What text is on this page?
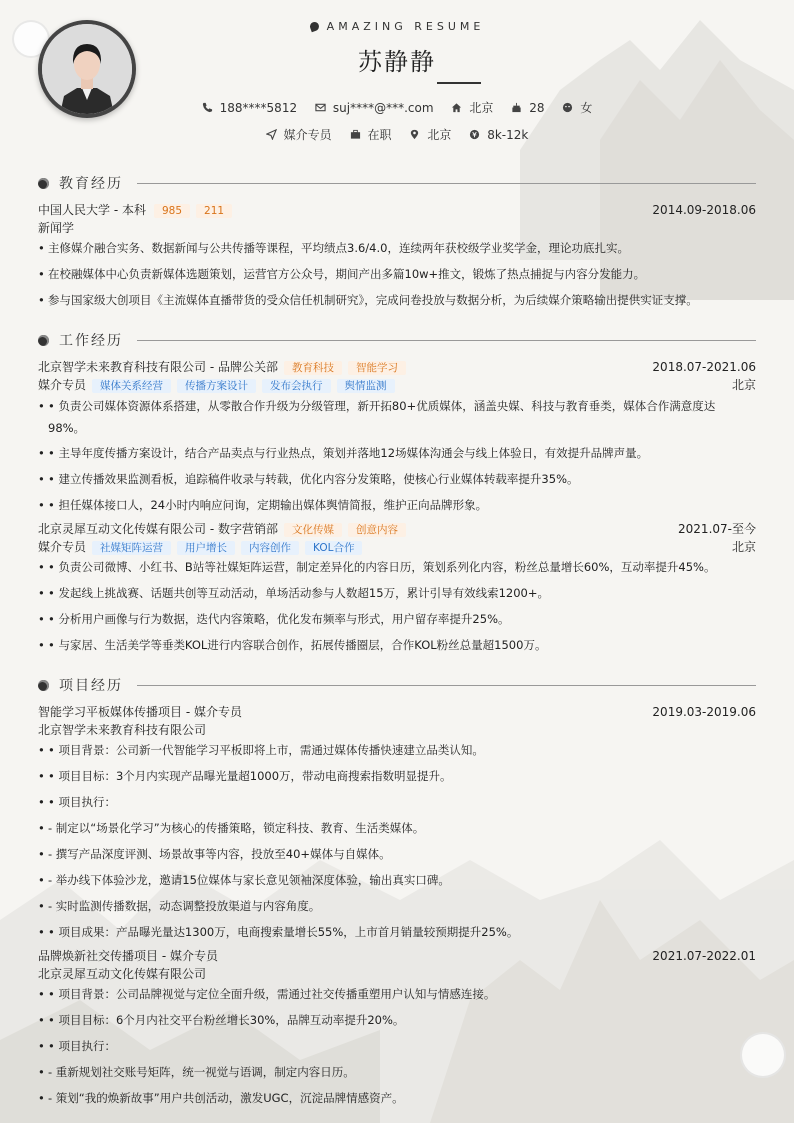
AMAZING RESUME
苏静静
188****5812
	suj****@***.com
	北京
	28
	女
媒介专员
	在职
	北京
	8k-12k
教育经历
中国人民大学 - 本科	985	211	2014.09-2018.06
新闻学
• 主修媒介融合实务、数据新闻与公共传播等课程，平均绩点3.6/4.0，连续两年获校级学业奖学金，理论功底扎实。
• 在校融媒体中心负责新媒体选题策划，运营官方公众号，期间产出多篇10w+推文，锻炼了热点捕捉与内容分发能力。
• 参与国家级大创项目《主流媒体直播带货的受众信任机制研究》，完成问卷投放与数据分析，为后续媒介策略输出提供实证支撑。
工作经历
北京智学未来教育科技有限公司 - 品牌公关部	教育科技	智能学习	2018.07-2021.06
媒介专员	媒体关系经营	传播方案设计	发布会执行	舆情监测	北京
• • 负责公司媒体资源体系搭建，从零散合作升级为分级管理，新开拓80+优质媒体，涵盖央媒、科技与教育垂类，媒体合作满意度达
98%。
• • 主导年度传播方案设计，结合产品卖点与行业热点，策划并落地12场媒体沟通会与线上体验日，有效提升品牌声量。
• • 建立传播效果监测看板，追踪稿件收录与转载，优化内容分发策略，使核心行业媒体转载率提升35%。
• • 担任媒体接口人，24小时内响应问询，定期输出媒体舆情简报，维护正向品牌形象。
北京灵犀互动文化传媒有限公司 - 数字营销部	文化传媒	创意内容	2021.07-至今
媒介专员	社媒矩阵运营	用户增长	内容创作	KOL合作	北京
• • 负责公司微博、小红书、B站等社媒矩阵运营，制定差异化的内容日历，策划系列化内容，粉丝总量增长60%，互动率提升45%。
• • 发起线上挑战赛、话题共创等互动活动，单场活动参与人数超15万，累计引导有效线索1200+。
• • 分析用户画像与行为数据，迭代内容策略，优化发布频率与形式，用户留存率提升25%。
• • 与家居、生活美学等垂类KOL进行内容联合创作，拓展传播圈层，合作KOL粉丝总量超1500万。
项目经历
智能学习平板媒体传播项目 - 媒介专员	2019.03-2019.06
北京智学未来教育科技有限公司
• • 项目背景：公司新一代智能学习平板即将上市，需通过媒体传播快速建立品类认知。
• • 项目目标：3个月内实现产品曝光量超1000万，带动电商搜索指数明显提升。
• • 项目执行：
• - 制定以“场景化学习”为核心的传播策略，锁定科技、教育、生活类媒体。
• - 撰写产品深度评测、场景故事等内容，投放至40+媒体与自媒体。
• - 举办线下体验沙龙，邀请15位媒体与家长意见领袖深度体验，输出真实口碑。
• - 实时监测传播数据，动态调整投放渠道与内容角度。
• • 项目成果：产品曝光量达1300万，电商搜索量增长55%，上市首月销量较预期提升25%。
品牌焕新社交传播项目 - 媒介专员	2021.07-2022.01
北京灵犀互动文化传媒有限公司
• • 项目背景：公司品牌视觉与定位全面升级，需通过社交传播重塑用户认知与情感连接。
• • 项目目标：6个月内社交平台粉丝增长30%，品牌互动率提升20%。
• • 项目执行：
• - 重新规划社交账号矩阵，统一视觉与语调，制定内容日历。
• - 策划“我的焕新故事”用户共创活动，激发UGC，沉淀品牌情感资产。
